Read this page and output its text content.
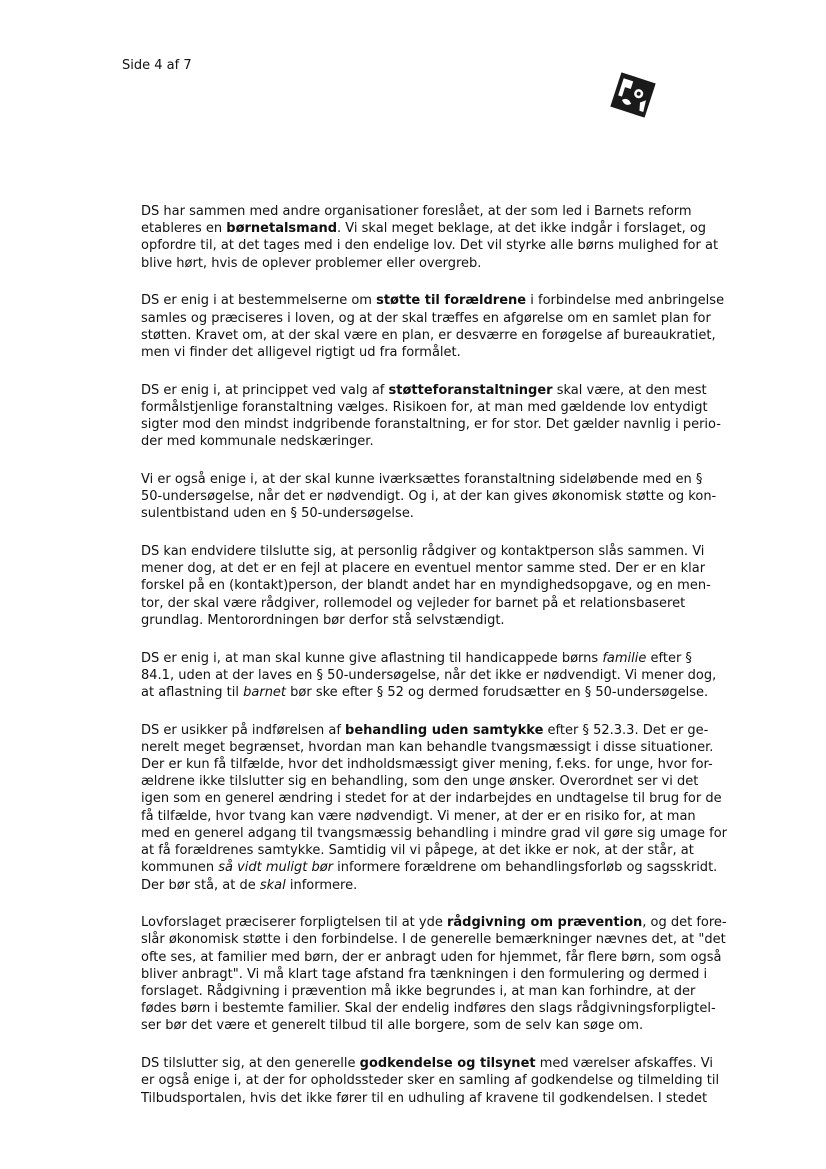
Side 4 af 7
DS har sammen med andre organisationer foreslået, at der som led i Barnets reform
etableres en børnetalsmand. Vi skal meget beklage, at det ikke indgår i forslaget, og
opfordre til, at det tages med i den endelige lov. Det vil styrke alle børns mulighed for at
blive hørt, hvis de oplever problemer eller overgreb.
DS er enig i at bestemmelserne om støtte til forældrene i forbindelse med anbringelse
samles og præciseres i loven, og at der skal træffes en afgørelse om en samlet plan for
støtten. Kravet om, at der skal være en plan, er desværre en forøgelse af bureaukratiet,
men vi finder det alligevel rigtigt ud fra formålet.
DS er enig i, at princippet ved valg af støtteforanstaltninger skal være, at den mest
formålstjenlige foranstaltning vælges. Risikoen for, at man med gældende lov entydigt
sigter mod den mindst indgribende foranstaltning, er for stor. Det gælder navnlig i perio-
der med kommunale nedskæringer.
Vi er også enige i, at der skal kunne iværksættes foranstaltning sideløbende med en §
50-undersøgelse, når det er nødvendigt. Og i, at der kan gives økonomisk støtte og kon-
sulentbistand uden en § 50-undersøgelse.
DS kan endvidere tilslutte sig, at personlig rådgiver og kontaktperson slås sammen. Vi
mener dog, at det er en fejl at placere en eventuel mentor samme sted. Der er en klar
forskel på en (kontakt)person, der blandt andet har en myndighedsopgave, og en men-
tor, der skal være rådgiver, rollemodel og vejleder for barnet på et relationsbaseret
grundlag. Mentorordningen bør derfor stå selvstændigt.
DS er enig i, at man skal kunne give aflastning til handicappede børns familie efter §
84.1, uden at der laves en § 50-undersøgelse, når det ikke er nødvendigt. Vi mener dog,
at aflastning til barnet bør ske efter § 52 og dermed forudsætter en § 50-undersøgelse.
DS er usikker på indførelsen af behandling uden samtykke efter § 52.3.3. Det er ge-
nerelt meget begrænset, hvordan man kan behandle tvangsmæssigt i disse situationer.
Der er kun få tilfælde, hvor det indholdsmæssigt giver mening, f.eks. for unge, hvor for-
ældrene ikke tilslutter sig en behandling, som den unge ønsker. Overordnet ser vi det
igen som en generel ændring i stedet for at der indarbejdes en undtagelse til brug for de
få tilfælde, hvor tvang kan være nødvendigt. Vi mener, at der er en risiko for, at man
med en generel adgang til tvangsmæssig behandling i mindre grad vil gøre sig umage for
at få forældrenes samtykke. Samtidig vil vi påpege, at det ikke er nok, at der står, at
kommunen så vidt muligt bør informere forældrene om behandlingsforløb og sagsskridt.
Der bør stå, at de skal informere.
Lovforslaget præciserer forpligtelsen til at yde rådgivning om prævention, og det fore-
slår økonomisk støtte i den forbindelse. I de generelle bemærkninger nævnes det, at "det
ofte ses, at familier med børn, der er anbragt uden for hjemmet, får flere børn, som også
bliver anbragt". Vi må klart tage afstand fra tænkningen i den formulering og dermed i
forslaget. Rådgivning i prævention må ikke begrundes i, at man kan forhindre, at der
fødes børn i bestemte familier. Skal der endelig indføres den slags rådgivningsforpligtel-
ser bør det være et generelt tilbud til alle borgere, som de selv kan søge om.
DS tilslutter sig, at den generelle godkendelse og tilsynet med værelser afskaffes. Vi
er også enige i, at der for opholdssteder sker en samling af godkendelse og tilmelding til
Tilbudsportalen, hvis det ikke fører til en udhuling af kravene til godkendelsen. I stedet
